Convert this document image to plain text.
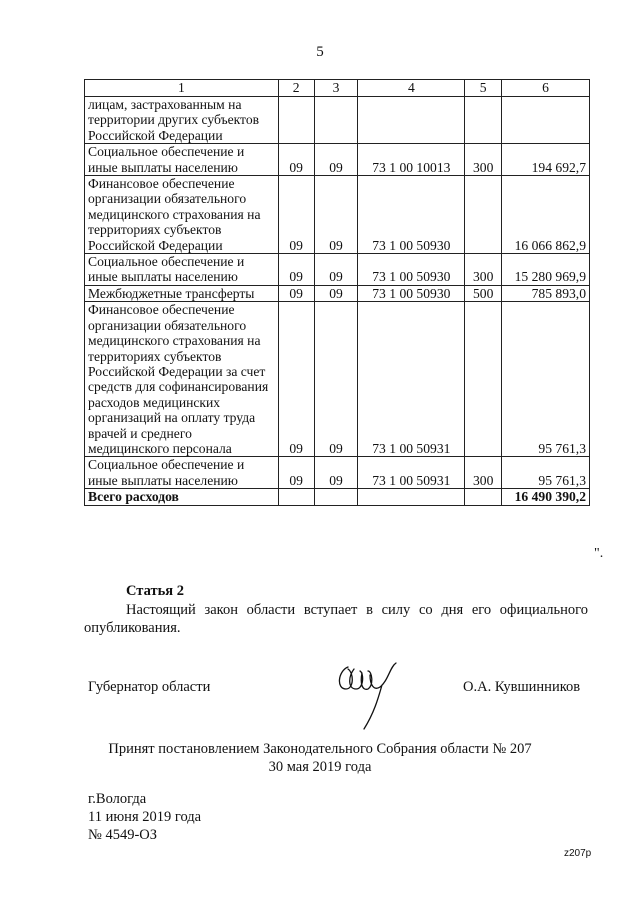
5
1	2	3	4	5	6
лицам, застрахованным на территории других субъектов Российской Федерации					
Социальное обеспечение и иные выплаты населению	09	09	73 1 00 10013	300	194 692,7
Финансовое обеспечение организации обязательного медицинского страхования на территориях субъектов Российской Федерации	09	09	73 1 00 50930		16 066 862,9
Социальное обеспечение и иные выплаты населению	09	09	73 1 00 50930	300	15 280 969,9
Межбюджетные трансферты	09	09	73 1 00 50930	500	785 893,0
Финансовое обеспечение организации обязательного медицинского страхования на территориях субъектов Российской Федерации за счет средств для софинансирования расходов медицинских организаций на оплату труда врачей и среднего медицинского персонала	09	09	73 1 00 50931		95 761,3
Социальное обеспечение и иные выплаты населению	09	09	73 1 00 50931	300	95 761,3
Всего расходов					16 490 390,2
".
Статья 2
Настоящий закон области вступает в силу со дня его официального опубликования.
Губернатор области	О.А. Кувшинников
Принят постановлением Законодательного Собрания области № 207
30 мая 2019 года
г.Вологда
11 июня 2019 года
№ 4549-ОЗ
z207p
